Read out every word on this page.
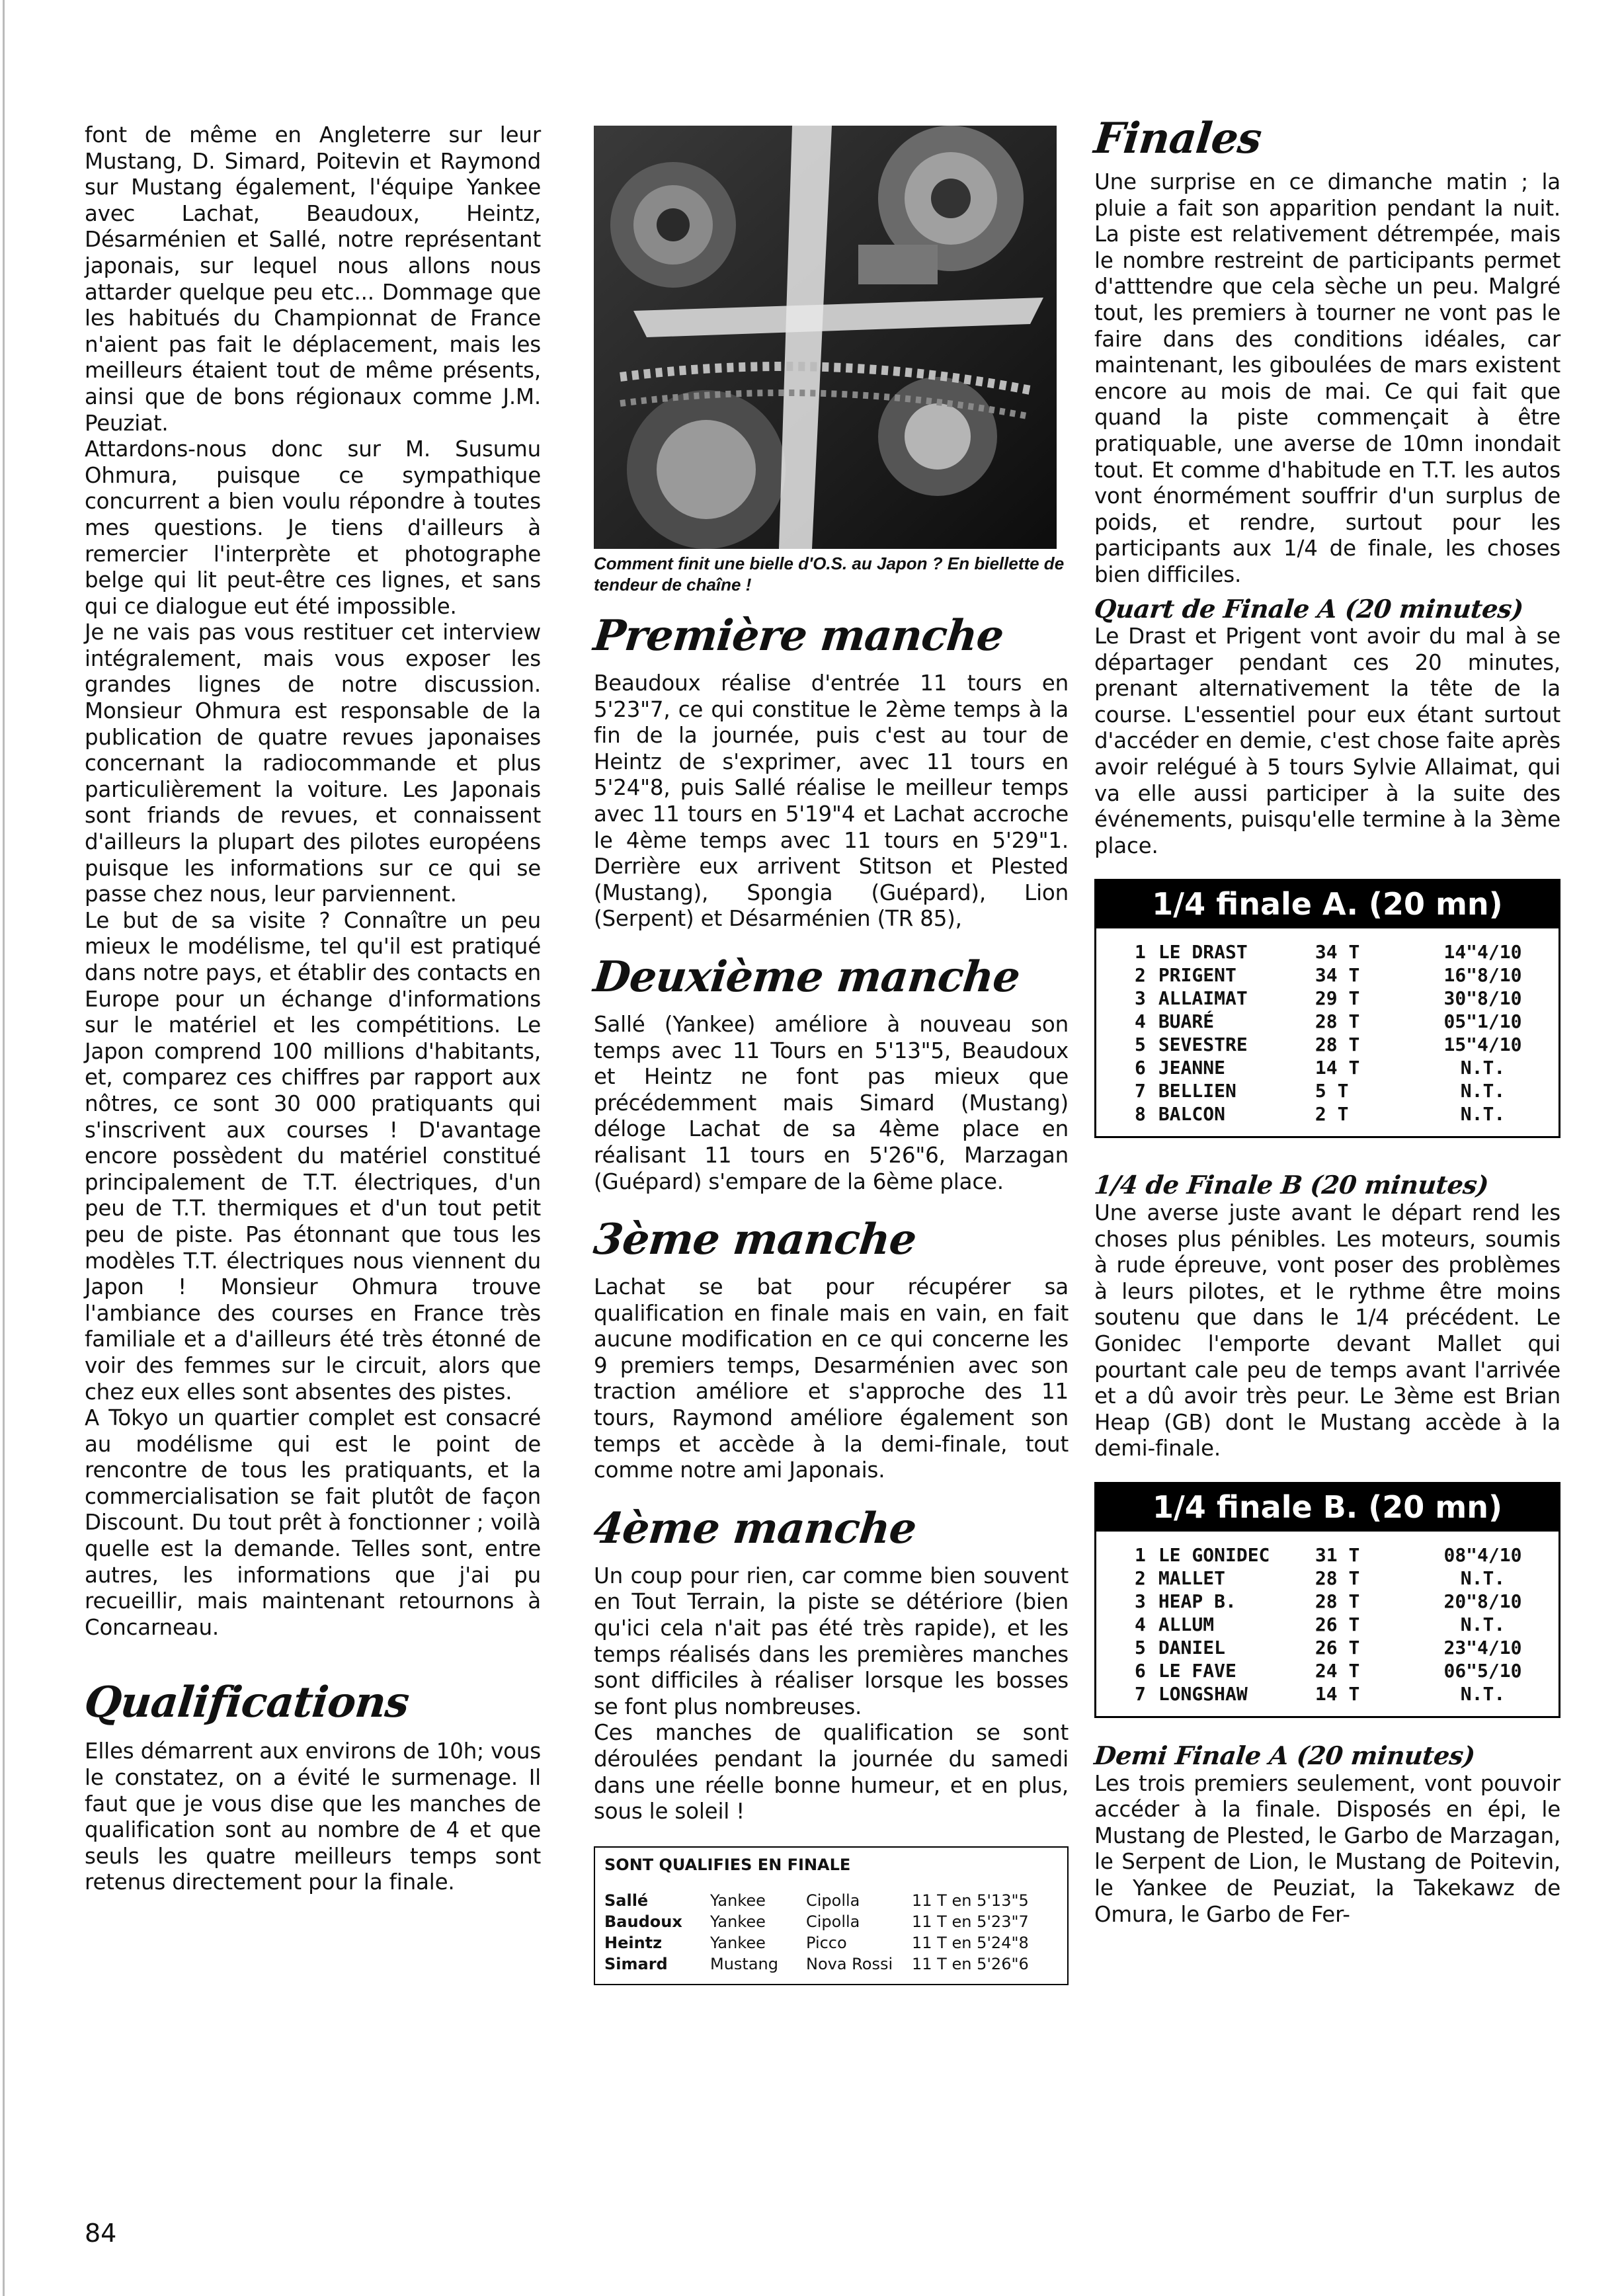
font de même en Angleterre sur leur Mustang, D. Simard, Poitevin et Raymond sur Mustang également, l'équipe Yankee avec Lachat, Beaudoux, Heintz, Désarménien et Sallé, notre représentant japonais, sur lequel nous allons nous attarder quelque peu etc... Dommage que les habitués du Championnat de France n'aient pas fait le déplacement, mais les meilleurs étaient tout de même présents, ainsi que de bons régionaux comme J.M. Peuziat.

Attardons-nous donc sur M. Susumu Ohmura, puisque ce sympathique concurrent a bien voulu répondre à toutes mes questions. Je tiens d'ailleurs à remercier l'interprète et photographe belge qui lit peut-être ces lignes, et sans qui ce dialogue eut été impossible.

Je ne vais pas vous restituer cet interview intégralement, mais vous exposer les grandes lignes de notre discussion. Monsieur Ohmura est responsable de la publication de quatre revues japonaises concernant la radiocommande et plus particulièrement la voiture. Les Japonais sont friands de revues, et connaissent d'ailleurs la plupart des pilotes européens puisque les informations sur ce qui se passe chez nous, leur parviennent.

Le but de sa visite ? Connaître un peu mieux le modélisme, tel qu'il est pratiqué dans notre pays, et établir des contacts en Europe pour un échange d'informations sur le matériel et les compétitions. Le Japon comprend 100 millions d'habitants, et, comparez ces chiffres par rapport aux nôtres, ce sont 30 000 pratiquants qui s'inscrivent aux courses ! D'avantage encore possèdent du matériel constitué principalement de T.T. électriques, d'un peu de T.T. thermiques et d'un tout petit peu de piste. Pas étonnant que tous les modèles T.T. électriques nous viennent du Japon ! Monsieur Ohmura trouve l'ambiance des courses en France très familiale et a d'ailleurs été très étonné de voir des femmes sur le circuit, alors que chez eux elles sont absentes des pistes.

A Tokyo un quartier complet est consacré au modélisme qui est le point de rencontre de tous les pratiquants, et la commercialisation se fait plutôt de façon Discount. Du tout prêt à fonctionner ; voilà quelle est la demande. Telles sont, entre autres, les informations que j'ai pu recueillir, mais maintenant retournons à Concarneau.

Qualifications

Elles démarrent aux environs de 10h; vous le constatez, on a évité le surmenage. Il faut que je vous dise que les manches de qualification sont au nombre de 4 et que seuls les quatre meilleurs temps sont retenus directement pour la finale.

Comment finit une bielle d'O.S. au Japon ? En biellette de tendeur de chaîne !

Première manche

Beaudoux réalise d'entrée 11 tours en 5'23"7, ce qui constitue le 2ème temps à la fin de la journée, puis c'est au tour de Heintz de s'exprimer, avec 11 tours en 5'24"8, puis Sallé réalise le meilleur temps avec 11 tours en 5'19"4 et Lachat accroche le 4ème temps avec 11 tours en 5'29"1. Derrière eux arrivent Stitson et Plested (Mustang), Spongia (Guépard), Lion (Serpent) et Désarménien (TR 85),

Deuxième manche

Sallé (Yankee) améliore à nouveau son temps avec 11 Tours en 5'13"5, Beaudoux et Heintz ne font pas mieux que précédemment mais Simard (Mustang) déloge Lachat de sa 4ème place en réalisant 11 tours en 5'26"6, Marzagan (Guépard) s'empare de la 6ème place.

3ème manche

Lachat se bat pour récupérer sa qualification en finale mais en vain, en fait aucune modification en ce qui concerne les 9 premiers temps, Desarménien avec son traction améliore et s'approche des 11 tours, Raymond améliore également son temps et accède à la demi-finale, tout comme notre ami Japonais.

4ème manche

Un coup pour rien, car comme bien souvent en Tout Terrain, la piste se détériore (bien qu'ici cela n'ait pas été très rapide), et les temps réalisés dans les premières manches sont difficiles à réaliser lorsque les bosses se font plus nombreuses.

Ces manches de qualification se sont déroulées pendant la journée du samedi dans une réelle bonne humeur, et en plus, sous le soleil !

SONT QUALIFIES EN FINALE

Sallé	Yankee	Cipolla	11 T en 5'13"5
Baudoux	Yankee	Cipolla	11 T en 5'23"7
Heintz	Yankee	Picco	11 T en 5'24"8
Simard	Mustang	Nova Rossi	11 T en 5'26"6
Finales

Une surprise en ce dimanche matin ; la pluie a fait son apparition pendant la nuit. La piste est relativement détrempée, mais le nombre restreint de participants permet d'atttendre que cela sèche un peu. Malgré tout, les premiers à tourner ne vont pas le faire dans des conditions idéales, car maintenant, les giboulées de mars existent encore au mois de mai. Ce qui fait que quand la piste commençait à être pratiquable, une averse de 10mn inondait tout. Et comme d'habitude en T.T. les autos vont énormément souffrir d'un surplus de poids, et rendre, surtout pour les participants aux 1/4 de finale, les choses bien difficiles.

Quart de Finale A (20 minutes)

Le Drast et Prigent vont avoir du mal à se départager pendant ces 20 minutes, prenant alternativement la tête de la course. L'essentiel pour eux étant surtout d'accéder en demie, c'est chose faite après avoir relégué à 5 tours Sylvie Allaimat, qui va elle aussi participer à la suite des événements, puisqu'elle termine à la 3ème place.

1/4 finale A. (20 mn)
1	LE DRAST	34 T	14"4/10
2	PRIGENT	34 T	16"8/10
3	ALLAIMAT	29 T	30"8/10
4	BUARÉ	28 T	05"1/10
5	SEVESTRE	28 T	15"4/10
6	JEANNE	14 T	N.T.
7	BELLIEN	5 T	N.T.
8	BALCON	2 T	N.T.
1/4 de Finale B (20 minutes)

Une averse juste avant le départ rend les choses plus pénibles. Les moteurs, soumis à rude épreuve, vont poser des problèmes à leurs pilotes, et le rythme être moins soutenu que dans le 1/4 précédent. Le Gonidec l'emporte devant Mallet qui pourtant cale peu de temps avant l'arrivée et a dû avoir très peur. Le 3ème est Brian Heap (GB) dont le Mustang accède à la demi-finale.

1/4 finale B. (20 mn)
1	LE GONIDEC	31 T	08"4/10
2	MALLET	28 T	N.T.
3	HEAP B.	28 T	20"8/10
4	ALLUM	26 T	N.T.
5	DANIEL	26 T	23"4/10
6	LE FAVE	24 T	06"5/10
7	LONGSHAW	14 T	N.T.
Demi Finale A (20 minutes)

Les trois premiers seulement, vont pouvoir accéder à la finale. Disposés en épi, le Mustang de Plested, le Garbo de Marzagan, le Serpent de Lion, le Mustang de Poitevin, le Yankee de Peuziat, la Takekawz de Omura, le Garbo de Fer-

84
